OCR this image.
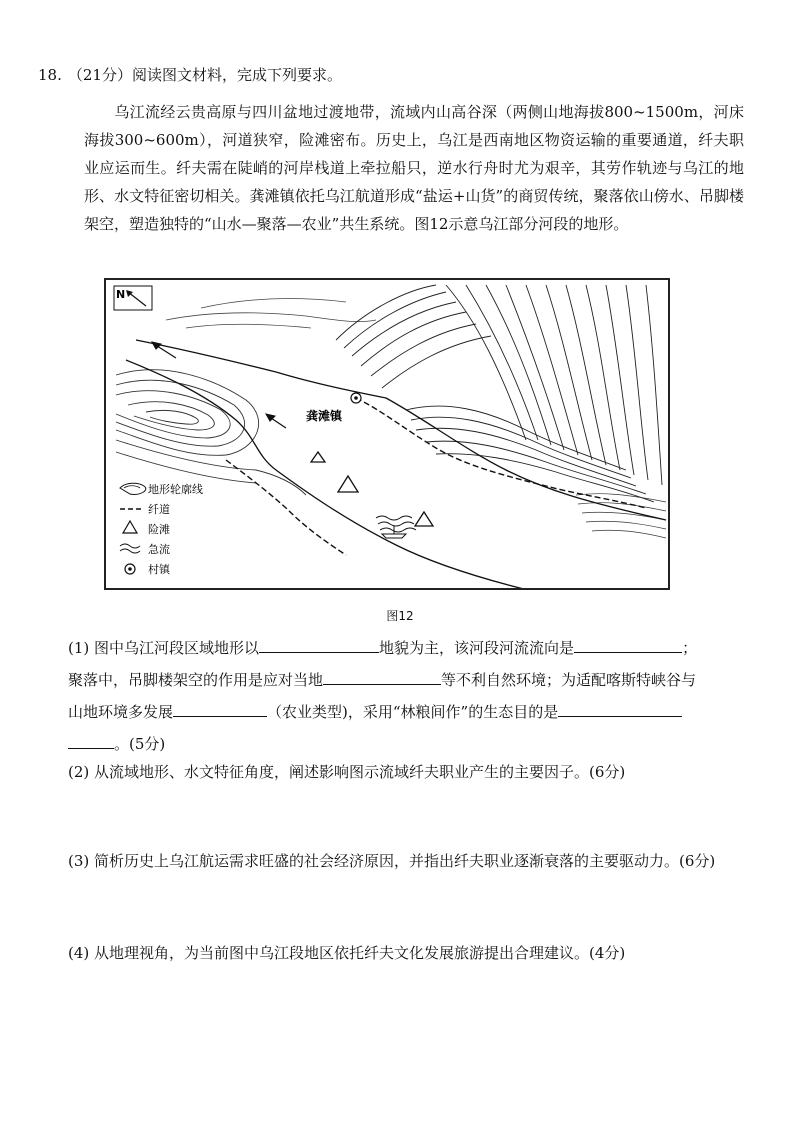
18. （21分）阅读图文材料，完成下列要求。
乌江流经云贵高原与四川盆地过渡地带，流域内山高谷深（两侧山地海拔800~1500m，河床海拔300~600m），河道狭窄，险滩密布。历史上，乌江是西南地区物资运输的重要通道，纤夫职业应运而生。纤夫需在陡峭的河岸栈道上牵拉船只，逆水行舟时尤为艰辛，其劳作轨迹与乌江的地形、水文特征密切相关。龚滩镇依托乌江航道形成“盐运+山货”的商贸传统，聚落依山傍水、吊脚楼架空，塑造独特的“山水—聚落—农业”共生系统。图12示意乌江部分河段的地形。
N
龚滩镇
地形轮廓线
纤道
险滩
急流
村镇
图12
(1) 图中乌江河段区域地形以	地貌为主，该河段河流流向是	；
聚落中，吊脚楼架空的作用是应对当地	等不利自然环境；为适配喀斯特峡谷与
山地环境多发展	（农业类型)，采用“林粮间作”的生态目的是
。(5分)
(2) 从流域地形、水文特征角度，阐述影响图示流域纤夫职业产生的主要因子。(6分)
(3) 简析历史上乌江航运需求旺盛的社会经济原因，并指出纤夫职业逐渐衰落的主要驱动力。(6分)
(4) 从地理视角，为当前图中乌江段地区依托纤夫文化发展旅游提出合理建议。(4分)
